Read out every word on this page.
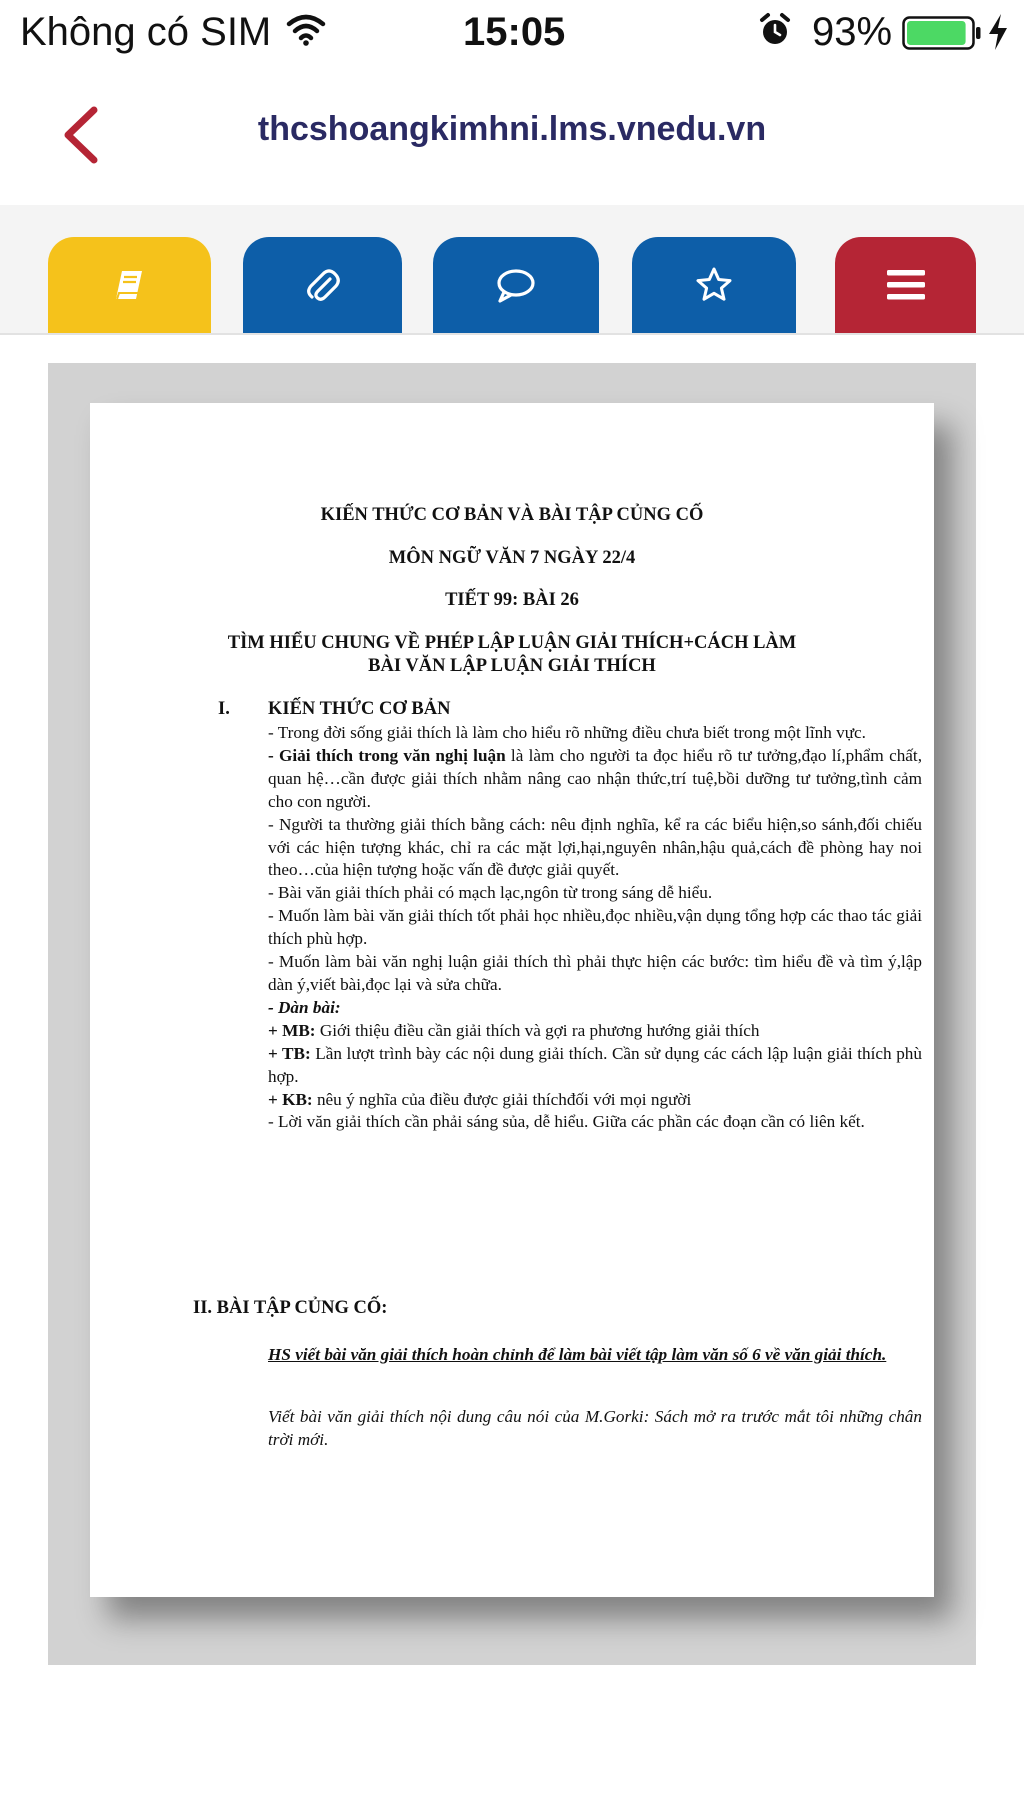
Không có SIM	15:05	93%
thcshoangkimhni.lms.vnedu.vn
KIẾN THỨC CƠ BẢN VÀ BÀI TẬP CỦNG CỐ
MÔN NGỮ VĂN 7 NGÀY 22/4
TIẾT 99: BÀI 26
TÌM HIỂU CHUNG VỀ PHÉP LẬP LUẬN GIẢI THÍCH+CÁCH LÀM
BÀI VĂN LẬP LUẬN GIẢI THÍCH
I. KIẾN THỨC CƠ BẢN

- Trong đời sống giải thích là làm cho hiểu rõ những điều chưa biết trong một lĩnh vực.

- Giải thích trong văn nghị luận là làm cho người ta đọc hiểu rõ tư tưởng,đạo lí,phẩm chất, quan hệ…cần được giải thích nhằm nâng cao nhận thức,trí tuệ,bồi dưỡng tư tưởng,tình cảm cho con người.

- Người ta thường giải thích bằng cách: nêu định nghĩa, kể ra các biểu hiện,so sánh,đối chiếu với các hiện tượng khác, chỉ ra các mặt lợi,hại,nguyên nhân,hậu quả,cách đề phòng hay noi theo…của hiện tượng hoặc vấn đề được giải quyết.

- Bài văn giải thích phải có mạch lạc,ngôn từ trong sáng dễ hiểu.

- Muốn làm bài văn giải thích tốt phải học nhiều,đọc nhiều,vận dụng tổng hợp các thao tác giải thích phù hợp.

- Muốn làm bài văn nghị luận giải thích thì phải thực hiện các bước: tìm hiểu đề và tìm ý,lập dàn ý,viết bài,đọc lại và sửa chữa.

- Dàn bài:

+ MB: Giới thiệu điều cần giải thích và gợi ra phương hướng giải thích

+ TB: Lần lượt trình bày các nội dung giải thích. Cần sử dụng các cách lập luận giải thích phù hợp.

+ KB: nêu ý nghĩa của điều được giải thíchđối với mọi người

- Lời văn giải thích cần phải sáng sủa, dễ hiểu. Giữa các phần các đoạn cần có liên kết.

II. BÀI TẬP CỦNG CỐ:
HS viết bài văn giải thích hoàn chỉnh để làm bài viết tập làm văn số 6 về văn giải thích.
Viết bài văn giải thích nội dung câu nói của M.Gorki: Sách mở ra trước mắt tôi những chân trời mới.
